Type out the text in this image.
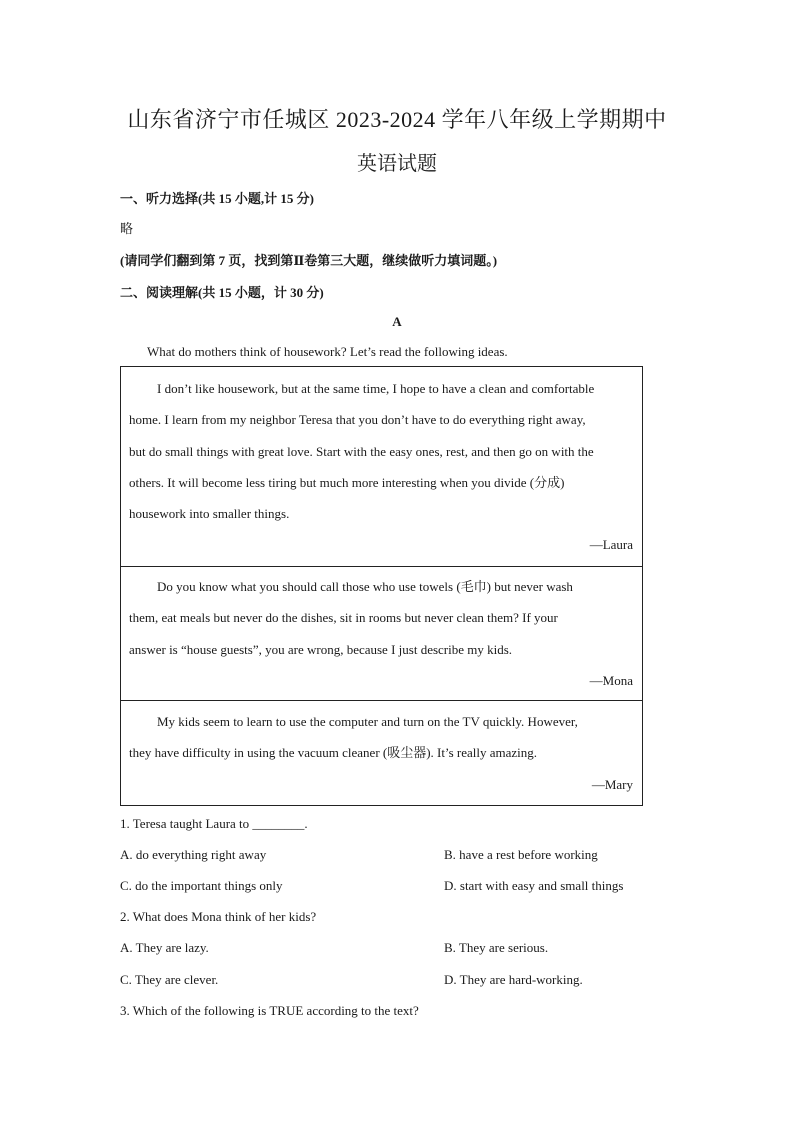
山东省济宁市任城区 2023-2024 学年八年级上学期期中
英语试题
一、听力选择(共 15 小题,计 15 分)
略
(请同学们翻到第 7 页，找到第Ⅱ卷第三大题，继续做听力填词题。)
二、阅读理解(共 15 小题，计 30 分)
A
What do mothers think of housework? Let’s read the following ideas.

I don’t like housework, but at the same time, I hope to have a clean and comfortable

home. I learn from my neighbor Teresa that you don’t have to do everything right away,

but do small things with great love. Start with the easy ones, rest, and then go on with the

others. It will become less tiring but much more interesting when you divide (分成)

housework into smaller things.

—Laura

Do you know what you should call those who use towels (毛巾) but never wash

them, eat meals but never do the dishes, sit in rooms but never clean them? If your

answer is “house guests”, you are wrong, because I just describe my kids.

—Mona

My kids seem to learn to use the computer and turn on the TV quickly. However,

they have difficulty in using the vacuum cleaner (吸尘器). It’s really amazing.

—Mary

1. Teresa taught Laura to ________.
A. do everything right away	B. have a rest before working
C. do the important things only	D. start with easy and small things
2. What does Mona think of her kids?
A. They are lazy.	B. They are serious.
C. They are clever.	D. They are hard-working.
3. Which of the following is TRUE according to the text?
